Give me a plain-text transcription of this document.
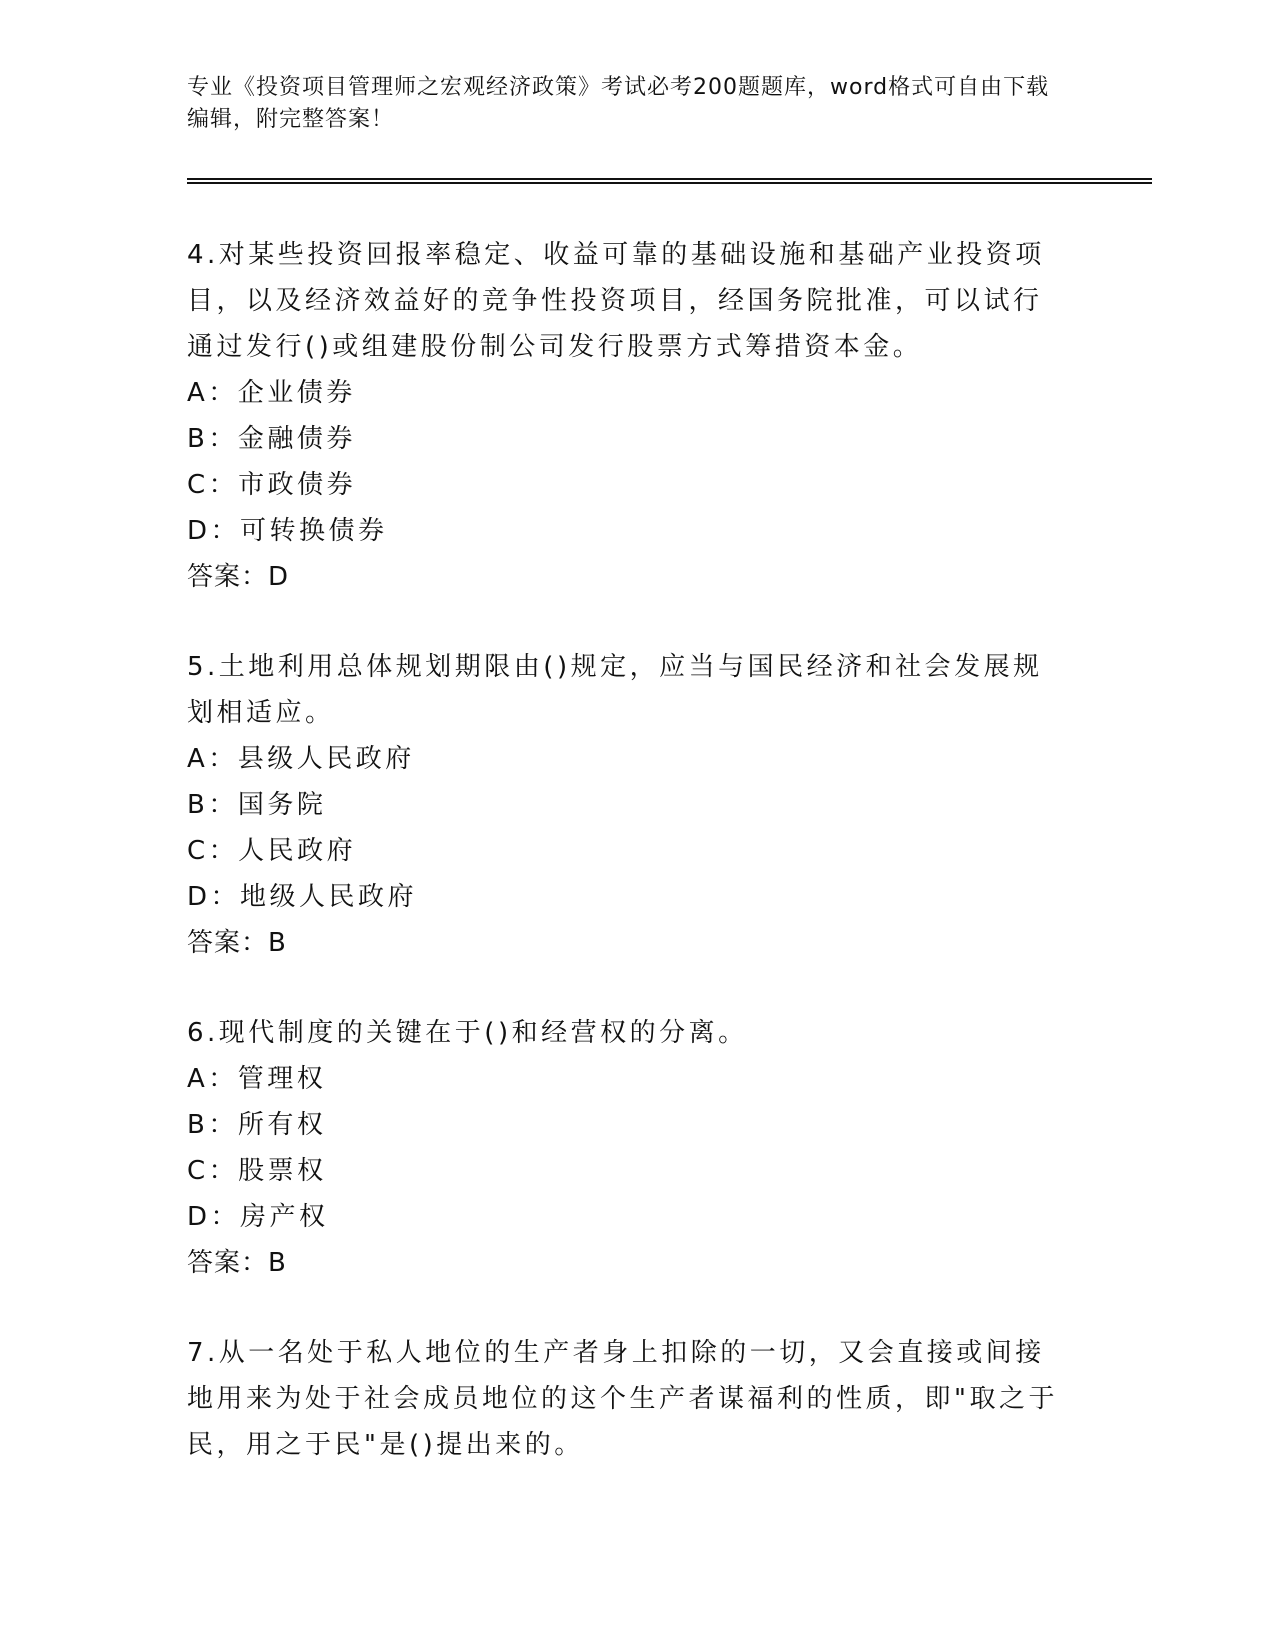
专业《投资项目管理师之宏观经济政策》考试必考200题题库，word格式可自由下载编辑，附完整答案！

4.对某些投资回报率稳定、收益可靠的基础设施和基础产业投资项目，以及经济效益好的竞争性投资项目，经国务院批准，可以试行通过发行()或组建股份制公司发行股票方式筹措资本金。

A：企业债券

B：金融债券

C：市政债券

D：可转换债券

答案：D

5.土地利用总体规划期限由()规定，应当与国民经济和社会发展规划相适应。

A：县级人民政府

B：国务院

C：人民政府

D：地级人民政府

答案：B

6.现代制度的关键在于()和经营权的分离。

A：管理权

B：所有权

C：股票权

D：房产权

答案：B

7.从一名处于私人地位的生产者身上扣除的一切，又会直接或间接地用来为处于社会成员地位的这个生产者谋福利的性质，即"取之于民，用之于民"是()提出来的。
